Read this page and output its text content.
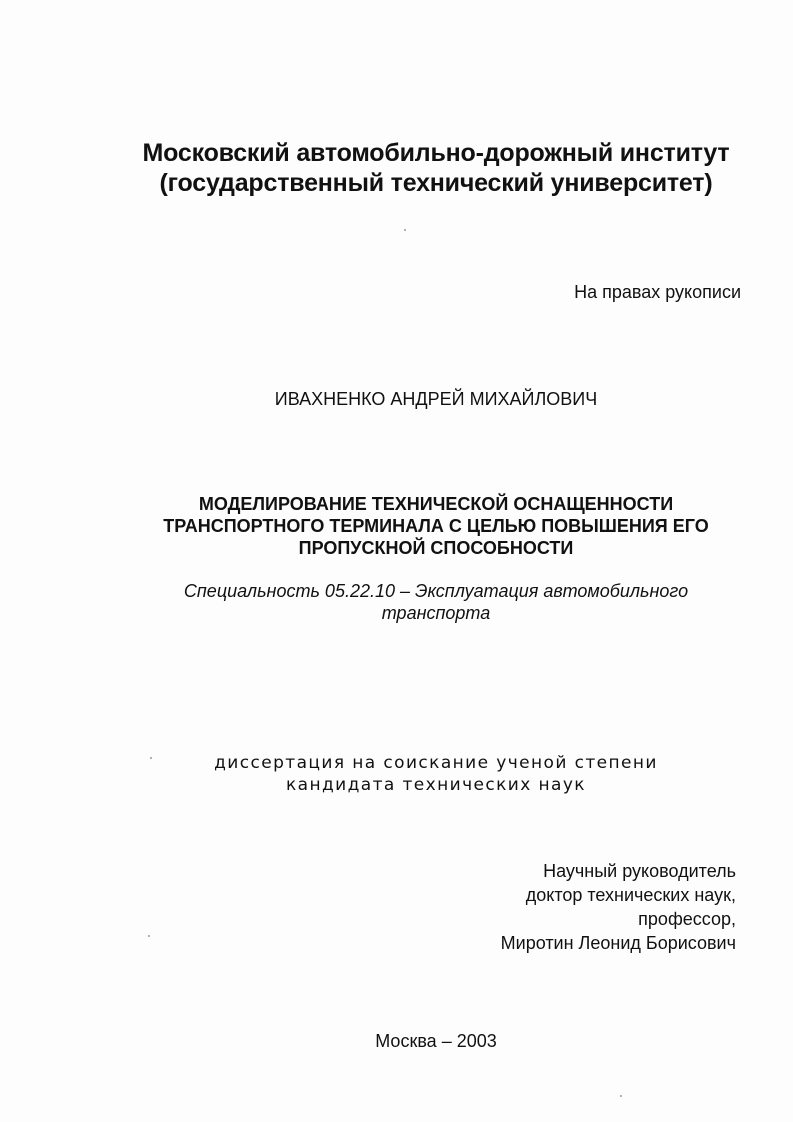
Московский автомобильно-дорожный институт
(государственный технический университет)
На правах рукописи
ИВАХНЕНКО АНДРЕЙ МИХАЙЛОВИЧ
МОДЕЛИРОВАНИЕ ТЕХНИЧЕСКОЙ ОСНАЩЕННОСТИ
ТРАНСПОРТНОГО ТЕРМИНАЛА С ЦЕЛЬЮ ПОВЫШЕНИЯ ЕГО
ПРОПУСКНОЙ СПОСОБНОСТИ
Специальность 05.22.10 – Эксплуатация автомобильного
транспорта
диссертация на соискание ученой степени
кандидата технических наук
Научный руководитель
доктор технических наук,
профессор,
Миротин Леонид Борисович
Москва – 2003
